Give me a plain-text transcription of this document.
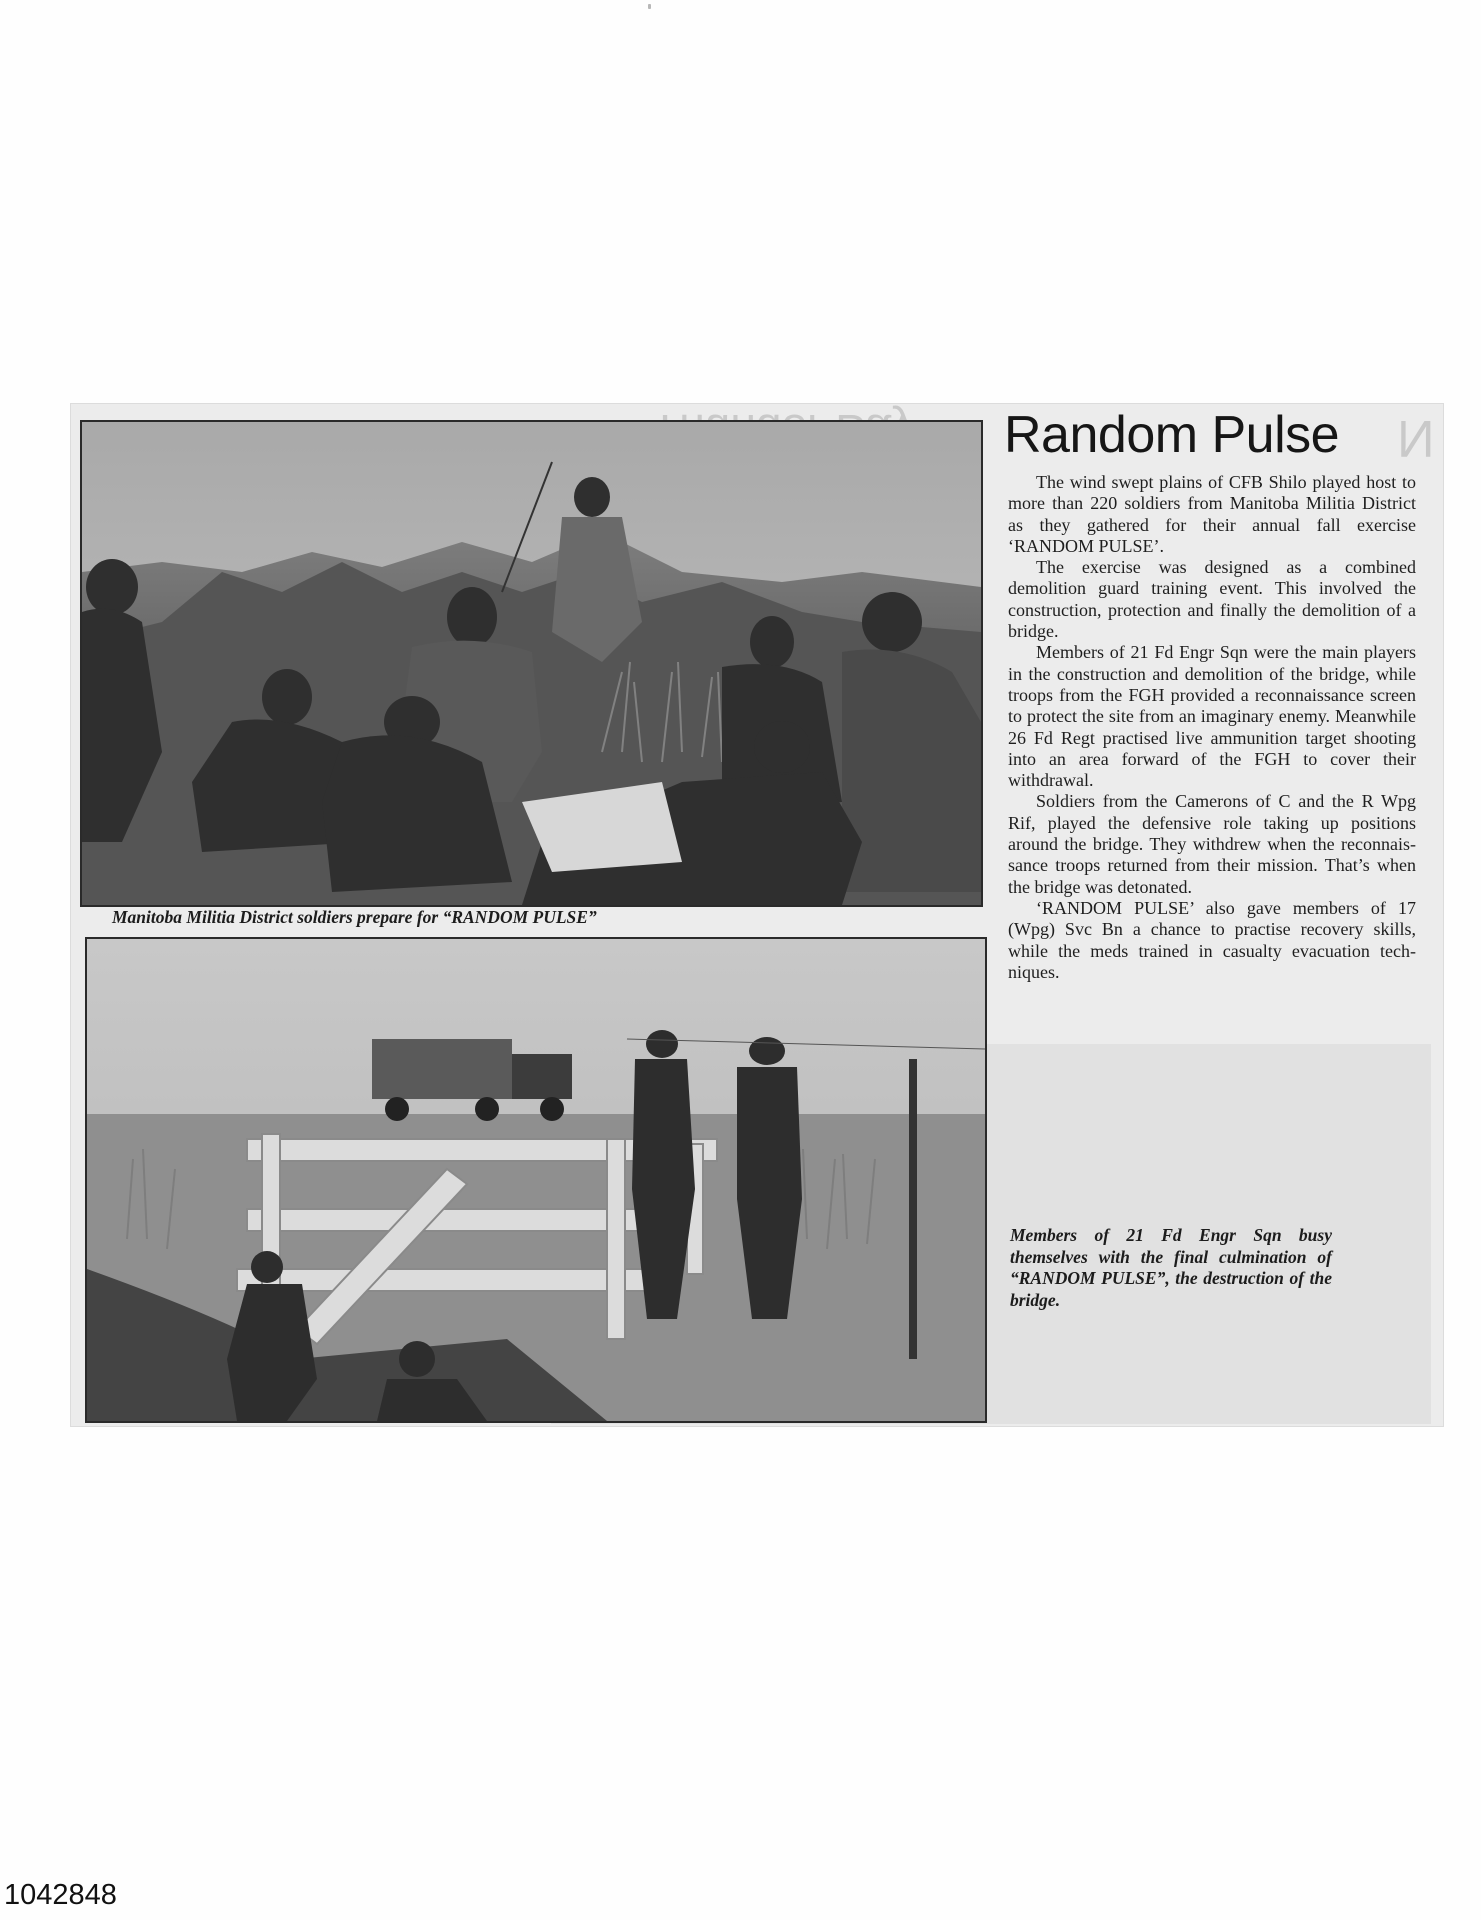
N
Manitoba Militia District soldiers prepare for “RANDOM PULSE”
Random Pulse

The wind swept plains of CFB Shilo played host to more than 220 soldiers from Manitoba Militia District as they gathered for their annual fall exercise ‘RANDOM PULSE’.

The exercise was designed as a combined demolition guard training event. This involved the construction, protection and finally the demolition of a bridge.

Members of 21 Fd Engr Sqn were the main players in the construction and demolition of the bridge, while troops from the FGH provided a reconnaissance screen to protect the site from an imaginary enemy. Meanwhile 26 Fd Regt practised live ammunition target shooting into an area forward of the FGH to cover their withdrawal.

Soldiers from the Camerons of C and the R Wpg Rif, played the defensive role taking up positions around the bridge. They withdrew when the reconnaissance troops returned from their mission. That’s when the bridge was detonated.

‘RANDOM PULSE’ also gave members of 17 (Wpg) Svc Bn a chance to practise recovery skills, while the meds trained in casualty evacuation techniques.

Members of 21 Fd Engr Sqn busy themselves with the final culmination of “RANDOM PULSE”, the destruction of the bridge.
1042848
